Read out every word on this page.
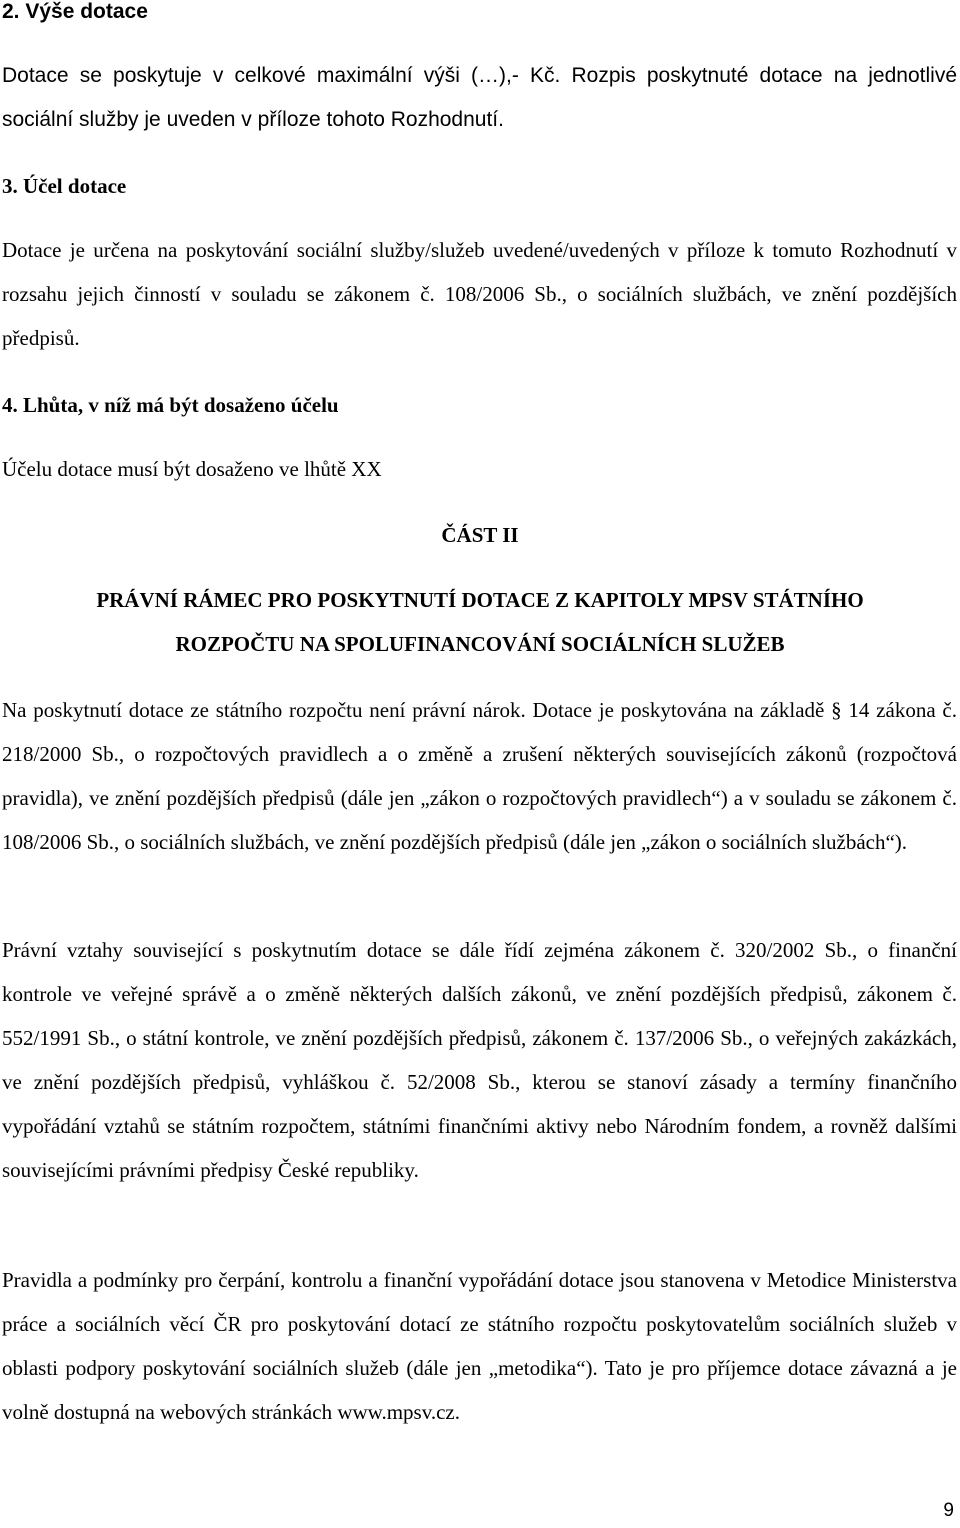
2. Výše dotace

Dotace se poskytuje v celkové maximální výši (…),- Kč. Rozpis poskytnuté dotace na jednotlivé sociální služby je uveden v příloze tohoto Rozhodnutí.

3. Účel dotace

Dotace je určena na poskytování sociální služby/služeb uvedené/uvedených v příloze k tomuto Rozhodnutí v rozsahu jejich činností v souladu se zákonem č. 108/2006 Sb., o sociálních službách, ve znění pozdějších předpisů.

4. Lhůta, v níž má být dosaženo účelu

Účelu dotace musí být dosaženo ve lhůtě XX

ČÁST II
PRÁVNÍ RÁMEC PRO POSKYTNUTÍ DOTACE Z KAPITOLY MPSV STÁTNÍHO
ROZPOČTU NA SPOLUFINANCOVÁNÍ SOCIÁLNÍCH SLUŽEB

Na poskytnutí dotace ze státního rozpočtu není právní nárok. Dotace je poskytována na základě § 14 zákona č. 218/2000 Sb., o rozpočtových pravidlech a o změně a zrušení některých souvisejících zákonů (rozpočtová pravidla), ve znění pozdějších předpisů (dále jen „zákon o rozpočtových pravidlech“) a v souladu se zákonem č. 108/2006 Sb., o sociálních službách, ve znění pozdějších předpisů (dále jen „zákon o sociálních službách“).

Právní vztahy související s poskytnutím dotace se dále řídí zejména zákonem č. 320/2002 Sb., o finanční kontrole ve veřejné správě a o změně některých dalších zákonů, ve znění pozdějších předpisů, zákonem č. 552/1991 Sb., o státní kontrole, ve znění pozdějších předpisů, zákonem č. 137/2006 Sb., o veřejných zakázkách, ve znění pozdějších předpisů, vyhláškou č. 52/2008 Sb., kterou se stanoví zásady a termíny finančního vypořádání vztahů se státním rozpočtem, státními finančními aktivy nebo Národním fondem, a rovněž dalšími souvisejícími právními předpisy České republiky.

Pravidla a podmínky pro čerpání, kontrolu a finanční vypořádání dotace jsou stanovena v Metodice Ministerstva práce a sociálních věcí ČR pro poskytování dotací ze státního rozpočtu poskytovatelům sociálních služeb v oblasti podpory poskytování sociálních služeb (dále jen „metodika“). Tato je pro příjemce dotace závazná a je volně dostupná na webových stránkách www.mpsv.cz.

9
